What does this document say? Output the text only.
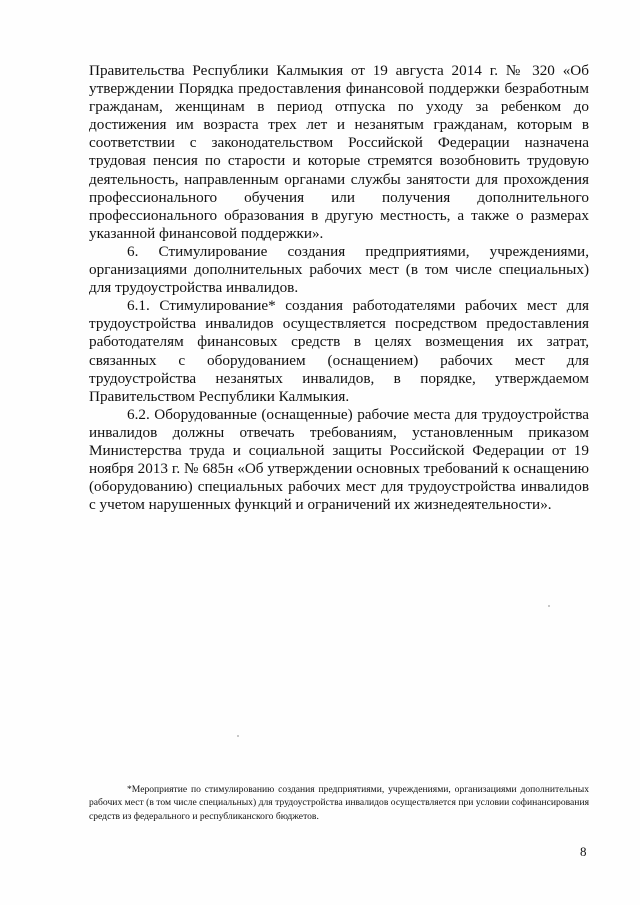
Правительства Республики Калмыкия от 19 августа 2014 г. № 320 «Об утверждении Порядка предоставления финансовой поддержки безработным гражданам, женщинам в период отпуска по уходу за ребенком до достижения им возраста трех лет и незанятым гражданам, которым в соответствии с законодательством Российской Федерации назначена трудовая пенсия по старости и которые стремятся возобновить трудовую деятельность, направленным органами службы занятости для прохождения профессионального обучения или получения дополнительного профессионального образования в другую местность, а также о размерах указанной финансовой поддержки».

6. Стимулирование создания предприятиями, учреждениями, организациями дополнительных рабочих мест (в том числе специальных) для трудоустройства инвалидов.

6.1. Стимулирование* создания работодателями рабочих мест для трудоустройства инвалидов осуществляется посредством предоставления работодателям финансовых средств в целях возмещения их затрат, связанных с оборудованием (оснащением) рабочих мест для трудоустройства незанятых инвалидов, в порядке, утверждаемом Правительством Республики Калмыкия.

6.2. Оборудованные (оснащенные) рабочие места для трудоустройства инвалидов должны отвечать требованиям, установленным приказом Министерства труда и социальной защиты Российской Федерации от 19 ноября 2013 г. № 685н «Об утверждении основных требований к оснащению (оборудованию) специальных рабочих мест для трудоустройства инвалидов с учетом нарушенных функций и ограничений их жизнедеятельности».

*Мероприятие по стимулированию создания предприятиями, учреждениями, организациями дополнительных рабочих мест (в том числе специальных) для трудоустройства инвалидов осуществляется при условии софинансирования средств из федерального и республиканского бюджетов.

8
